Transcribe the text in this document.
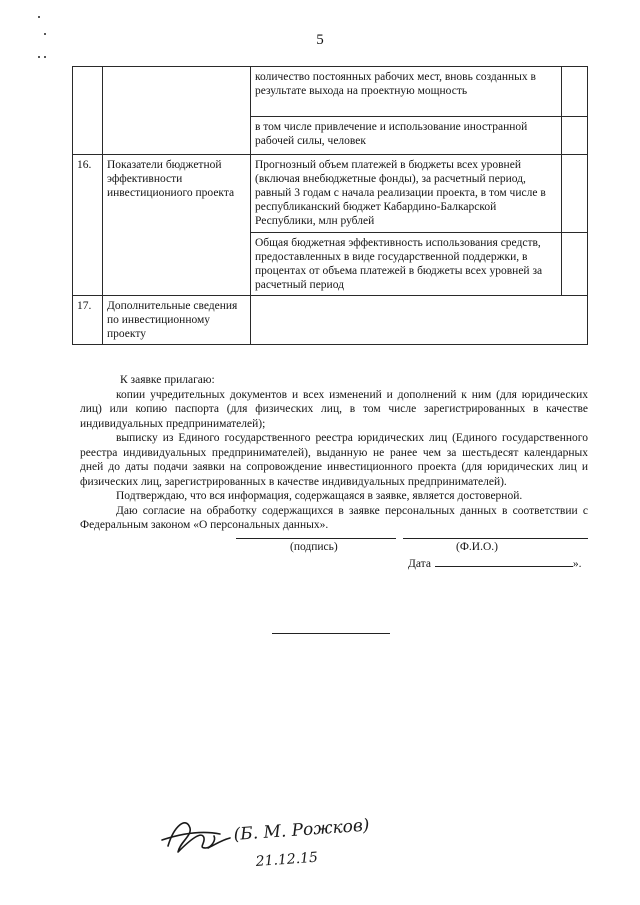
5
		количество постоянных рабочих мест, вновь созданных в результате выхода на проектную мощность	
		в том числе привлечение и использование иностранной рабочей силы, человек	
16.	Показатели бюджетной эффективности инвестициониого проекта	Прогнозный объем платежей в бюджеты всех уровней (включая внебюджетные фонды), за расчетный период, равный 3 годам с начала реализации проекта, в том числе в республиканский бюджет Кабардино-Балкарской Республики, млн рублей	
		Общая бюджетная эффективность использования средств, предоставленных в виде государственной поддержки, в процентах от объема платежей в бюджеты всех уровней за расчетный период	
17.	Дополнительные сведения по инвестиционному проекту		

К заявке прилагаю:

копии учредительных документов и всех изменений и дополнений к ним (для юридических лиц) или копию паспорта (для физических лиц, в том числе зарегистрированных в качестве индивидуальных предпринимателей);

выписку из Единого государственного реестра юридических лиц (Единого государственного реестра индивидуальных предпринимателей), выданную не ранее чем за шестьдесят календарных дней до даты подачи заявки на сопровождение инвестиционного проекта (для юридических лиц и физических лиц, зарегистрированных в качестве индивидуальных предпринимателей).

Подтверждаю, что вся информация, содержащаяся в заявке, является достоверной.

Даю согласие на обработку содержащихся в заявке персональных данных в соответствии с Федеральным законом «О персональных данных».

(подпись)	(Ф.И.О.)
Дата	».
(Б. М. Рожков)
21.12.15
